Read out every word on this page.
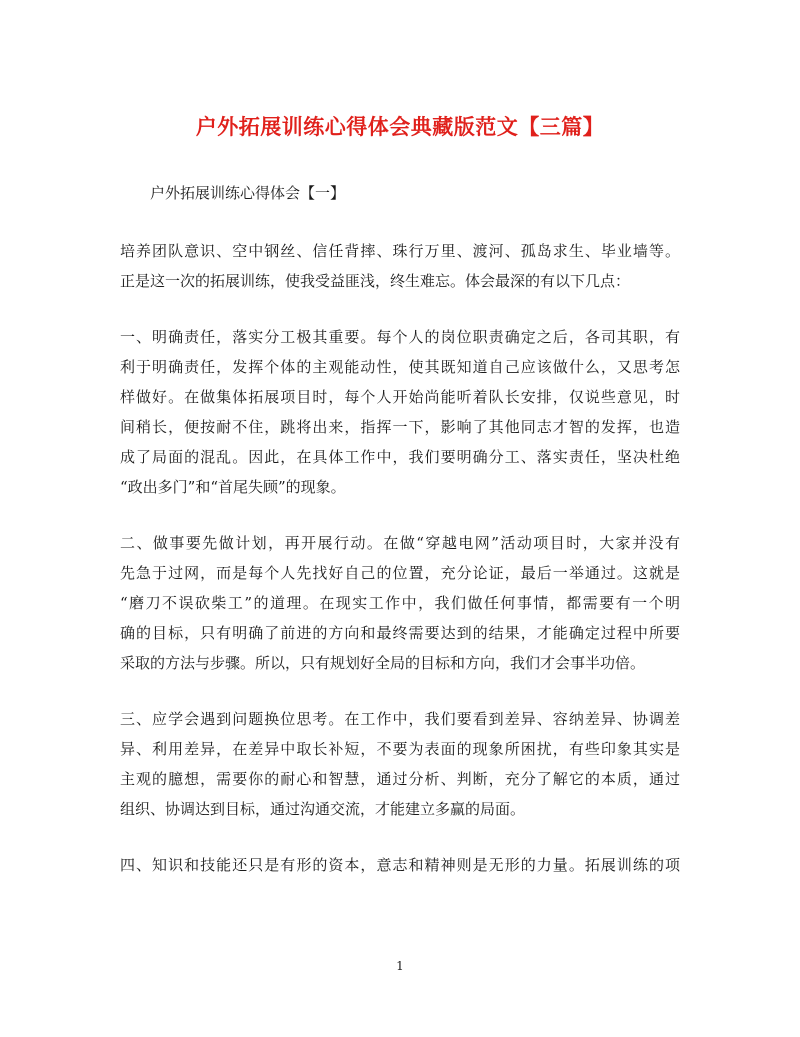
户外拓展训练心得体会典藏版范文【三篇】
户外拓展训练心得体会【一】
培养团队意识、空中钢丝、信任背摔、珠行万里、渡河、孤岛求生、毕业墙等。
正是这一次的拓展训练，使我受益匪浅，终生难忘。体会最深的有以下几点：
一、明确责任，落实分工极其重要。每个人的岗位职责确定之后，各司其职，有
利于明确责任，发挥个体的主观能动性，使其既知道自己应该做什么，又思考怎
样做好。在做集体拓展项目时，每个人开始尚能听着队长安排，仅说些意见，时
间稍长，便按耐不住，跳将出来，指挥一下，影响了其他同志才智的发挥，也造
成了局面的混乱。因此，在具体工作中，我们要明确分工、落实责任，坚决杜绝
“政出多门”和“首尾失顾”的现象。
二、做事要先做计划，再开展行动。在做“穿越电网”活动项目时，大家并没有
先急于过网，而是每个人先找好自己的位置，充分论证，最后一举通过。这就是
“磨刀不误砍柴工”的道理。在现实工作中，我们做任何事情，都需要有一个明
确的目标，只有明确了前进的方向和最终需要达到的结果，才能确定过程中所要
采取的方法与步骤。所以，只有规划好全局的目标和方向，我们才会事半功倍。
三、应学会遇到问题换位思考。在工作中，我们要看到差异、容纳差异、协调差
异、利用差异，在差异中取长补短，不要为表面的现象所困扰，有些印象其实是
主观的臆想，需要你的耐心和智慧，通过分析、判断，充分了解它的本质，通过
组织、协调达到目标，通过沟通交流，才能建立多赢的局面。
四、知识和技能还只是有形的资本，意志和精神则是无形的力量。拓展训练的项
1
